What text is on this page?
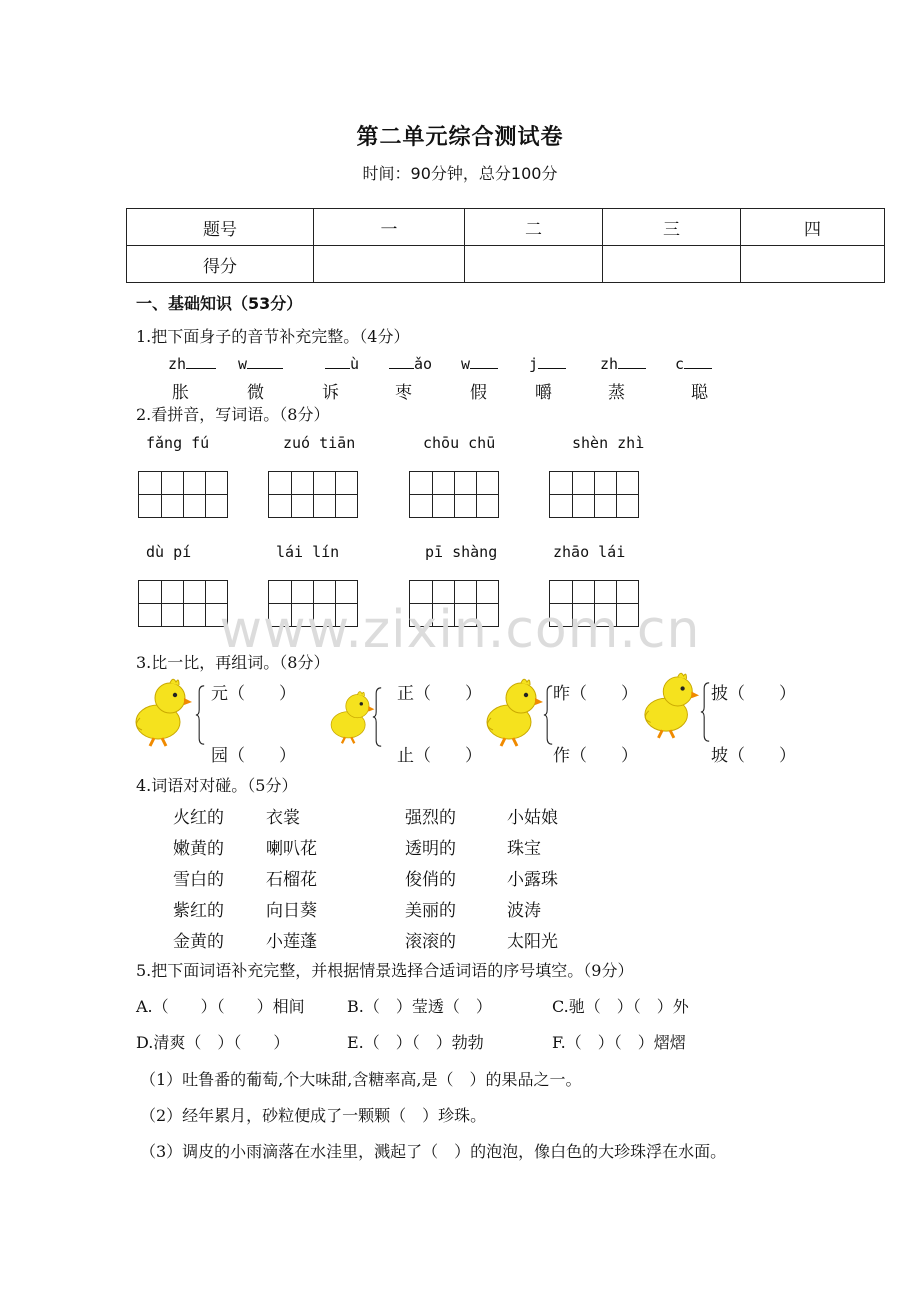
第二单元综合测试卷
时间：90分钟，总分100分
题号	一	二	三	四
得分				
一、基础知识（53分）
1.把下面身子的音节补充完整。（4分）
zh	w	ù	ǎo w	j	zh	c
胀	微	诉	枣	假	嚼	蒸	聪
2.看拼音，写词语。（8分）
fǎng fú	zuó tiān	chōu chū	shèn zhì
dù pí	lái lín	pī shàng	zhāo lái
www.zixin.com.cn
3.比一比，再组词。（8分）
元（　　）
园（　　）
正（　　）
止（　　）
昨（　　）
作（　　）
披（　　）
坡（　　）
4.词语对对碰。（5分）
火红的 衣裳	强烈的	小姑娘
嫩黄的 喇叭花	透明的	珠宝
雪白的 石榴花	俊俏的	小露珠
紫红的 向日葵	美丽的	波涛
金黄的 小莲蓬	滚滚的	太阳光
5.把下面词语补充完整，并根据情景选择合适词语的序号填空。（9分）
A.（　　）（　　）相间	B.（　）莹透（　）	C.驰（　）（　）外
D.清爽（　）（　　）	E.（　）（　）勃勃	F.（　）（　）熠熠
（1）吐鲁番的葡萄,个大味甜,含糖率高,是（　）的果品之一。
（2）经年累月，砂粒便成了一颗颗（　）珍珠。
（3）调皮的小雨滴落在水洼里，溅起了（　）的泡泡，像白色的大珍珠浮在水面。
